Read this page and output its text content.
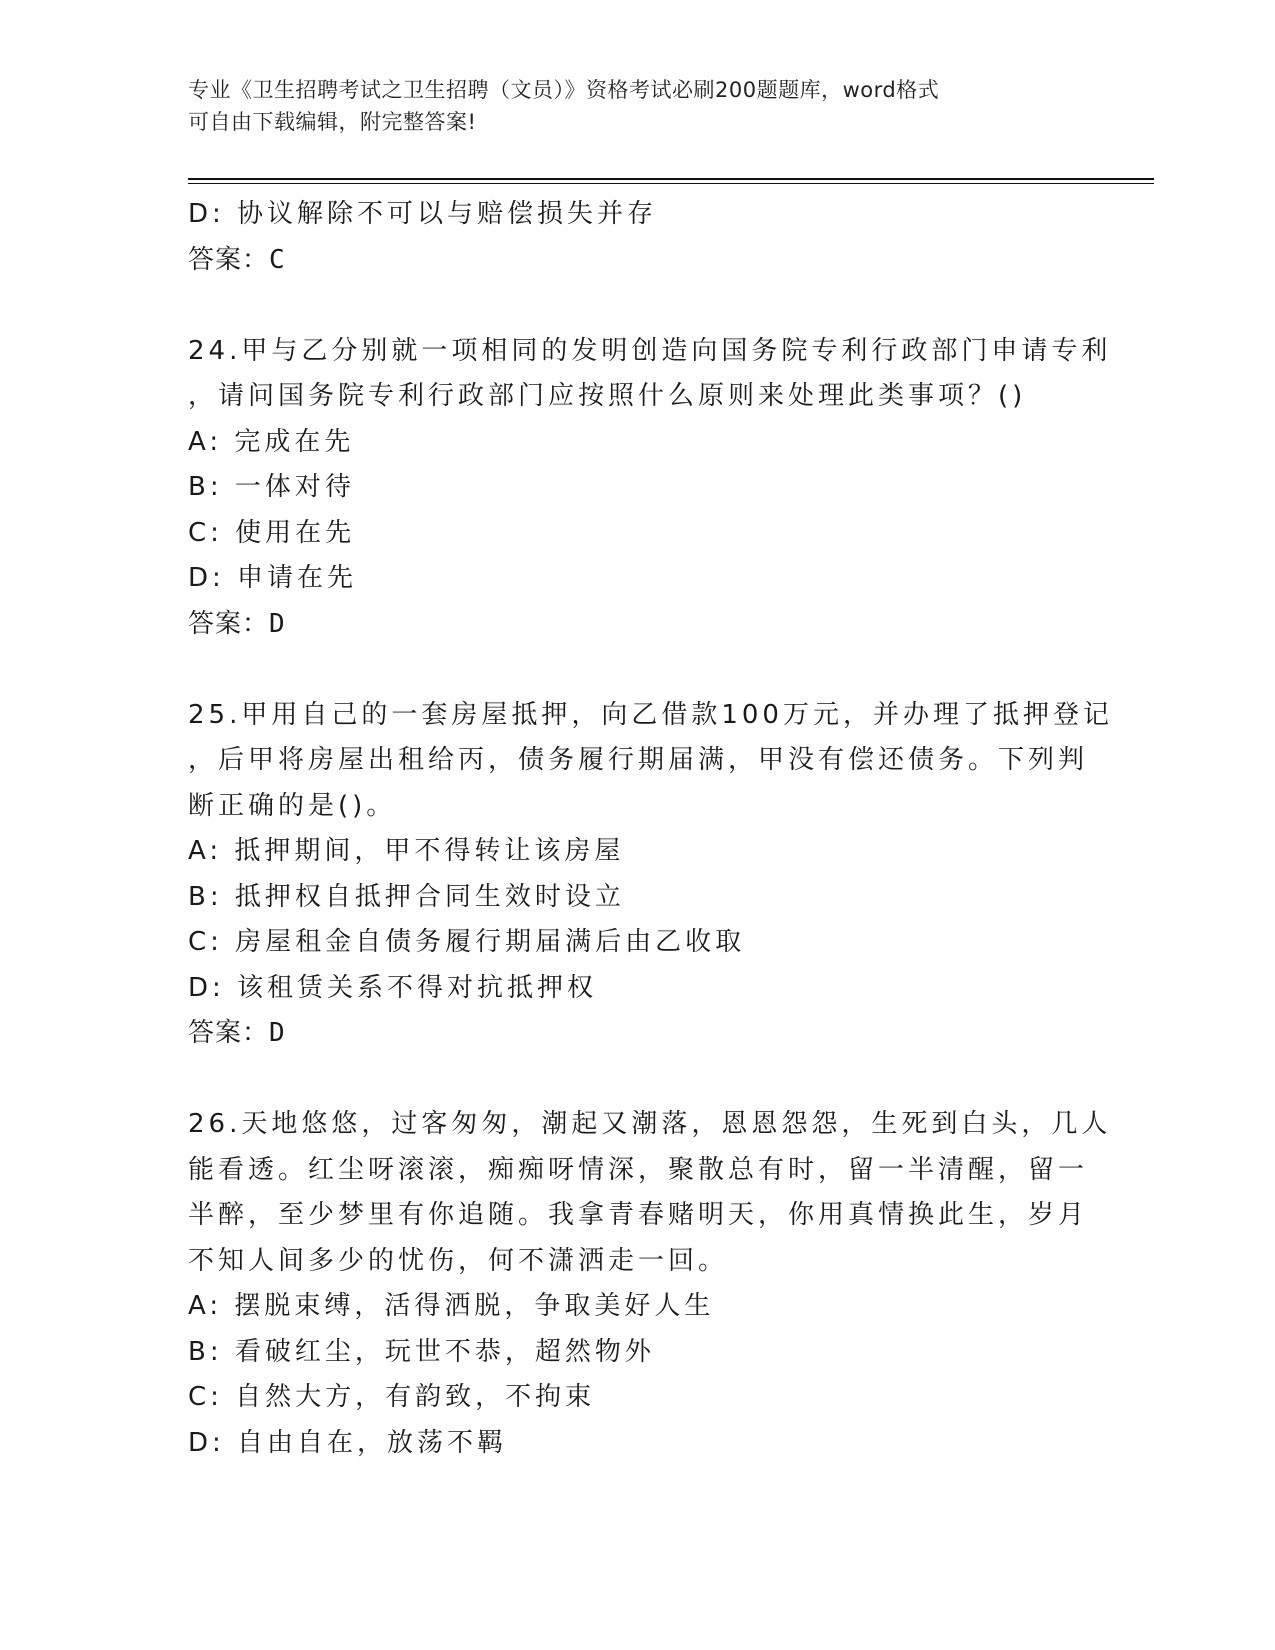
专业《卫生招聘考试之卫生招聘（文员）》资格考试必刷200题题库，word格式
可自由下载编辑，附完整答案!
D: 协议解除不可以与赔偿损失并存
答案：C
24.甲与乙分别就一项相同的发明创造向国务院专利行政部门申请专利
，请问国务院专利行政部门应按照什么原则来处理此类事项？()
A: 完成在先
B: 一体对待
C: 使用在先
D: 申请在先
答案：D
25.甲用自己的一套房屋抵押，向乙借款100万元，并办理了抵押登记
，后甲将房屋出租给丙，债务履行期届满，甲没有偿还债务。下列判
断正确的是()。
A: 抵押期间，甲不得转让该房屋
B: 抵押权自抵押合同生效时设立
C: 房屋租金自债务履行期届满后由乙收取
D: 该租赁关系不得对抗抵押权
答案：D
26.天地悠悠，过客匆匆，潮起又潮落，恩恩怨怨，生死到白头，几人
能看透。红尘呀滚滚，痴痴呀情深，聚散总有时，留一半清醒，留一
半醉，至少梦里有你追随。我拿青春赌明天，你用真情换此生，岁月
不知人间多少的忧伤，何不潇洒走一回。
A: 摆脱束缚，活得洒脱，争取美好人生
B: 看破红尘，玩世不恭，超然物外
C: 自然大方，有韵致，不拘束
D: 自由自在，放荡不羁
